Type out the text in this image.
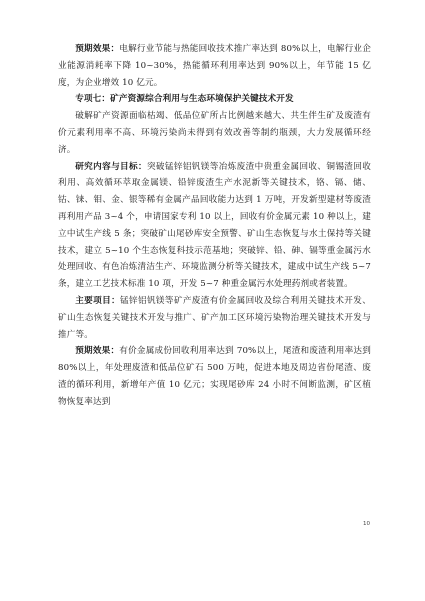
预期效果：电解行业节能与热能回收技术推广率达到 80%以上，电解行业企业能源消耗率下降 10~30%，热能循环利用率达到 90%以上，年节能 15 亿度，为企业增效 10 亿元。

专项七：矿产资源综合利用与生态环境保护关键技术开发

破解矿产资源面临枯竭、低品位矿所占比例越来越大、共生伴生矿及废渣有价元素利用率不高、环境污染尚未得到有效改善等制约瓶颈，大力发展循环经济。

研究内容与目标：突破锰锌铝钒镁等冶炼废渣中贵重金属回收、铜锡渣回收利用、高效循环萃取金属镁、铅锌废渣生产水泥新等关键技术，铬、镉、储、钴、铼、钼、金、银等稀有金属产品回收能力达到 1 万吨，开发新型建材等废渣再利用产品 3~4 个，申请国家专利 10 以上，回收有价金属元素 10 种以上，建立中试生产线 5 条；突破矿山尾砂库安全预警、矿山生态恢复与水土保持等关键技术，建立 5~10 个生态恢复科技示范基地；突破锌、铅、砷、镉等重金属污水处理回收、有色冶炼清洁生产、环境监测分析等关键技术，建成中试生产线 5~7 条，建立工艺技术标准 10 项，开发 5~7 种重金属污水处理药剂或者装置。

主要项目：锰锌铝钒镁等矿产废渣有价金属回收及综合利用关键技术开发、矿山生态恢复关键技术开发与推广、矿产加工区环境污染物治理关键技术开发与推广等。

预期效果：有价金属成份回收利用率达到 70%以上，尾渣和废渣利用率达到 80%以上，年处理废渣和低品位矿石 500 万吨，促进本地及周边省份尾渣、废渣的循环利用，新增年产值 10 亿元；实现尾砂库 24 小时不间断监测，矿区植物恢复率达到

10
